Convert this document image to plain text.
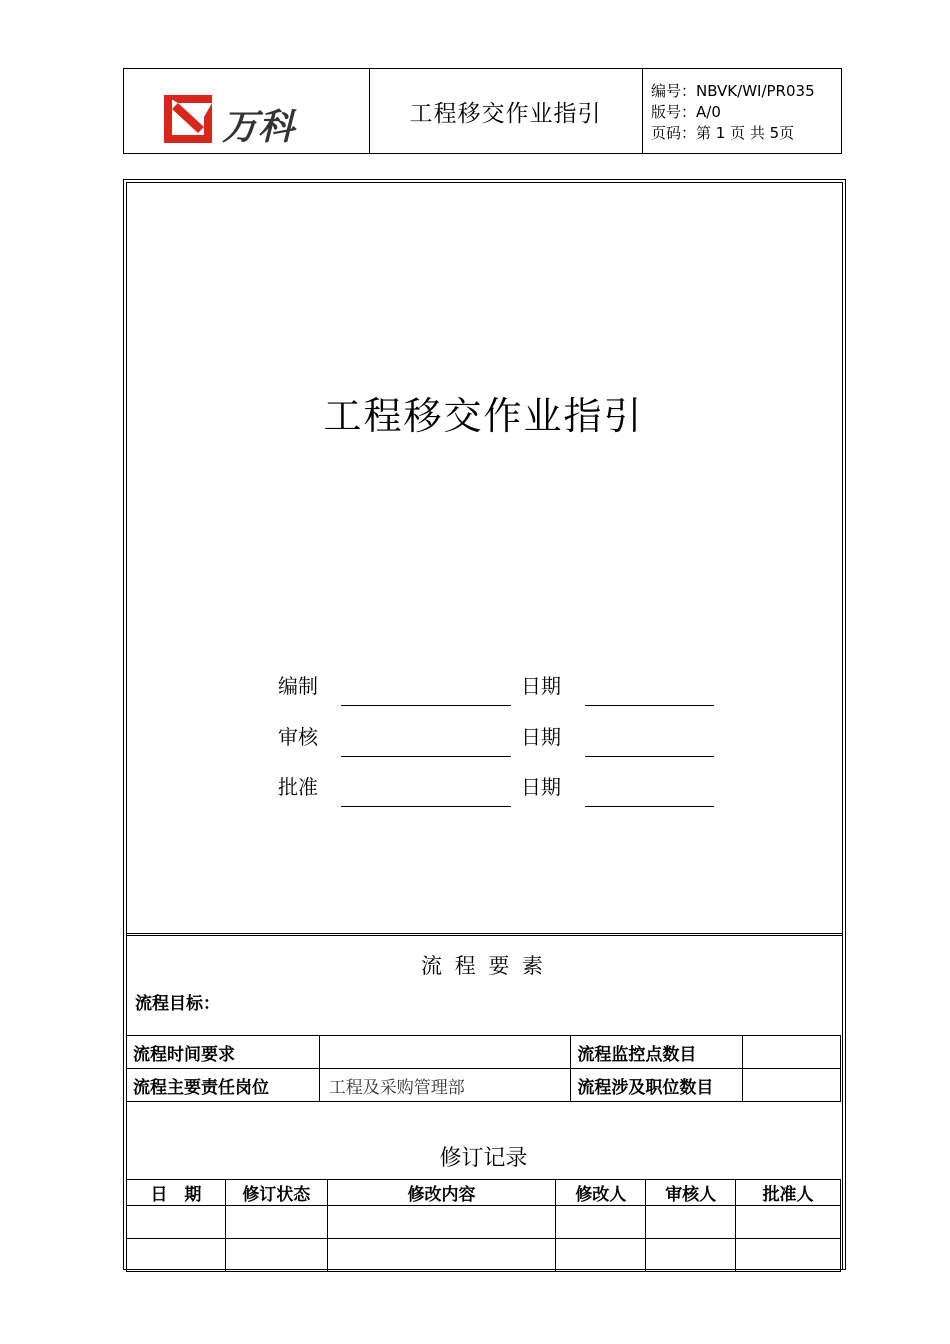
万科	工程移交作业指引
编号：NBVK/WI/PR035
版号：A/0
页码：第 1 页 共 5页
工程移交作业指引
编制	日期
审核	日期
批准	日期
流 程 要 素
流程目标：
流程时间要求		流程监控点数目	
流程主要责任岗位	工程及采购管理部	流程涉及职位数目	
修订记录
日　期	修订状态	修改内容	修改人	审核人	批准人
